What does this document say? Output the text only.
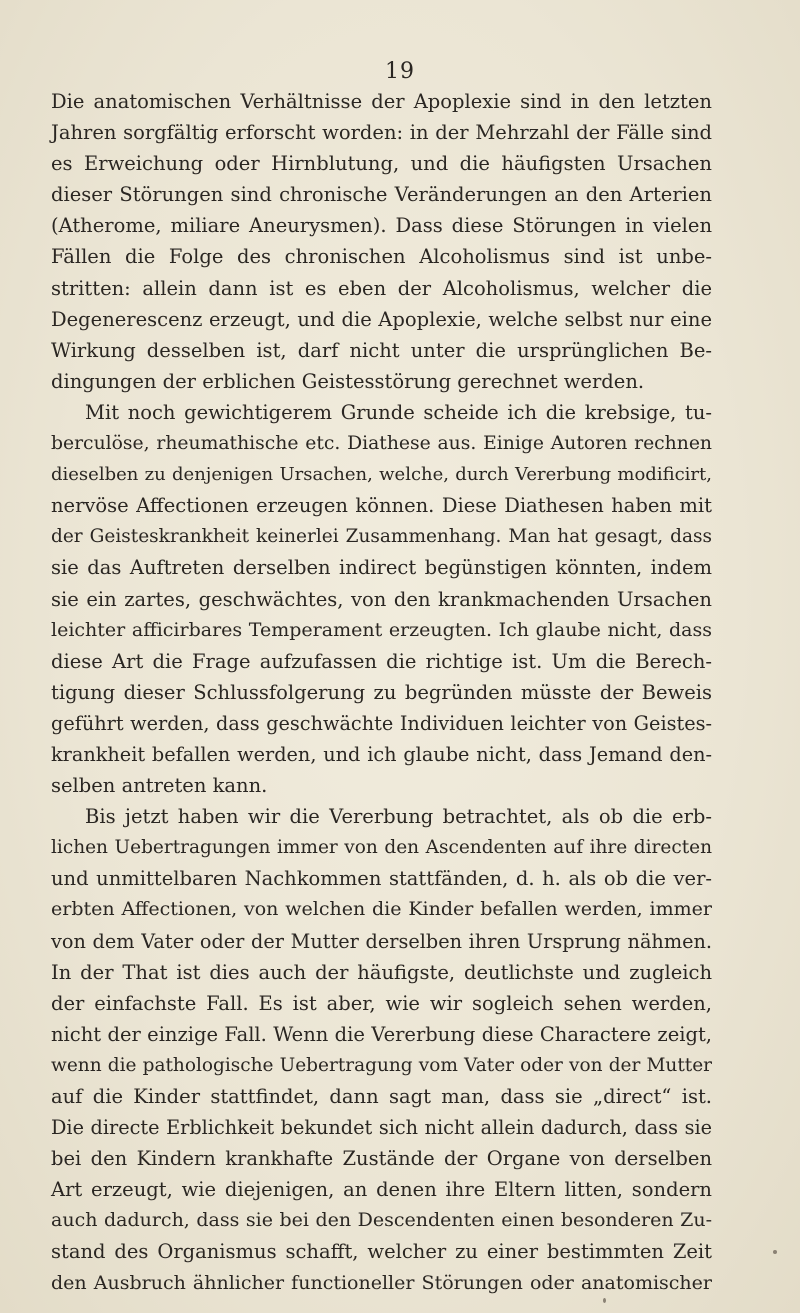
19
Die anatomischen Verhältnisse der Apoplexie sind in den letzten
Jahren sorgfältig erforscht worden: in der Mehrzahl der Fälle sind
es Erweichung oder Hirnblutung, und die häufigsten Ursachen
dieser Störungen sind chronische Veränderungen an den Arterien
(Atherome, miliare Aneurysmen). Dass diese Störungen in vielen
Fällen die Folge des chronischen Alcoholismus sind ist unbe-
stritten: allein dann ist es eben der Alcoholismus, welcher die
Degenerescenz erzeugt, und die Apoplexie, welche selbst nur eine
Wirkung desselben ist, darf nicht unter die ursprünglichen Be-
dingungen der erblichen Geistesstörung gerechnet werden.
Mit noch gewichtigerem Grunde scheide ich die krebsige, tu-
berculöse, rheumathische etc. Diathese aus. Einige Autoren rechnen
dieselben zu denjenigen Ursachen, welche, durch Vererbung modificirt,
nervöse Affectionen erzeugen können. Diese Diathesen haben mit
der Geisteskrankheit keinerlei Zusammenhang. Man hat gesagt, dass
sie das Auftreten derselben indirect begünstigen könnten, indem
sie ein zartes, geschwächtes, von den krankmachenden Ursachen
leichter afficirbares Temperament erzeugten. Ich glaube nicht, dass
diese Art die Frage aufzufassen die richtige ist. Um die Berech-
tigung dieser Schlussfolgerung zu begründen müsste der Beweis
geführt werden, dass geschwächte Individuen leichter von Geistes-
krankheit befallen werden, und ich glaube nicht, dass Jemand den-
selben antreten kann.
Bis jetzt haben wir die Vererbung betrachtet, als ob die erb-
lichen Uebertragungen immer von den Ascendenten auf ihre directen
und unmittelbaren Nachkommen stattfänden, d. h. als ob die ver-
erbten Affectionen, von welchen die Kinder befallen werden, immer
von dem Vater oder der Mutter derselben ihren Ursprung nähmen.
In der That ist dies auch der häufigste, deutlichste und zugleich
der einfachste Fall. Es ist aber, wie wir sogleich sehen werden,
nicht der einzige Fall. Wenn die Vererbung diese Charactere zeigt,
wenn die pathologische Uebertragung vom Vater oder von der Mutter
auf die Kinder stattfindet, dann sagt man, dass sie „direct“ ist.
Die directe Erblichkeit bekundet sich nicht allein dadurch, dass sie
bei den Kindern krankhafte Zustände der Organe von derselben
Art erzeugt, wie diejenigen, an denen ihre Eltern litten, sondern
auch dadurch, dass sie bei den Descendenten einen besonderen Zu-
stand des Organismus schafft, welcher zu einer bestimmten Zeit
den Ausbruch ähnlicher functioneller Störungen oder anatomischer
